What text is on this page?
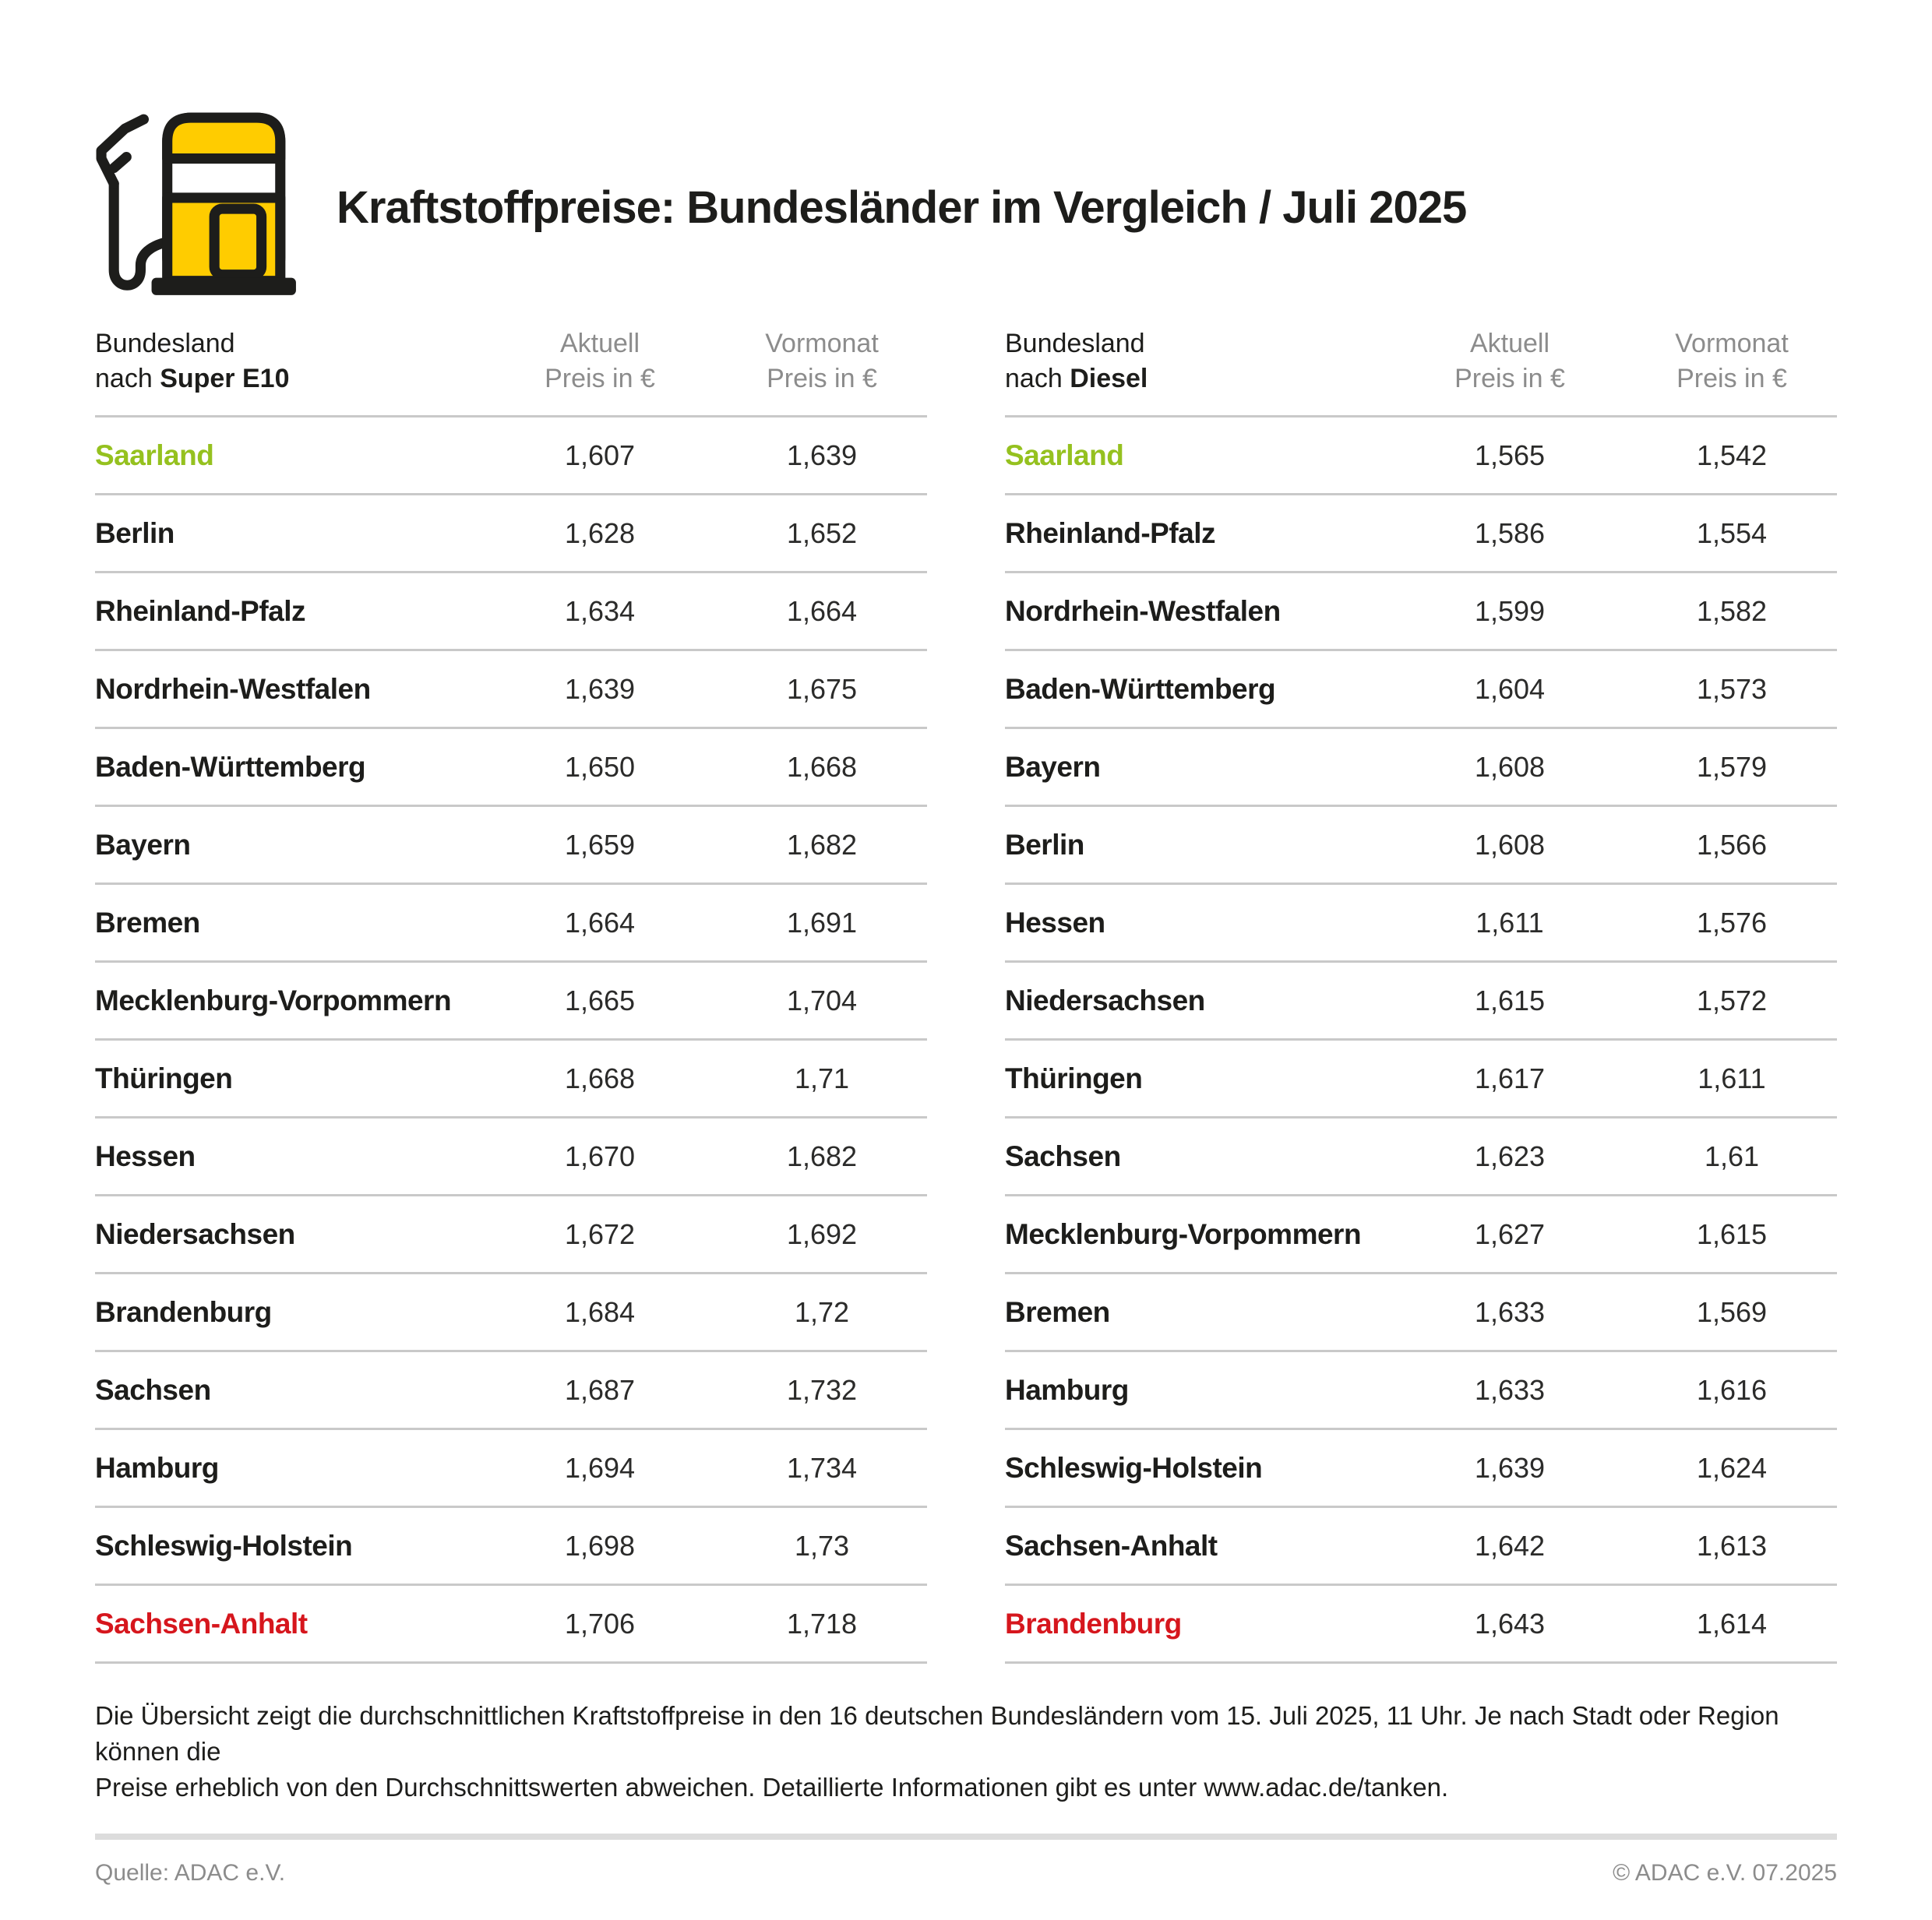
Kraftstoffpreise: Bundesländer im Vergleich / Juli 2025
Bundesland
nach Super E10
Aktuell
Preis in €
Vormonat
Preis in €
Saarland	1,607	1,639
Berlin	1,628	1,652
Rheinland-Pfalz	1,634	1,664
Nordrhein-Westfalen	1,639	1,675
Baden-Württemberg	1,650	1,668
Bayern	1,659	1,682
Bremen	1,664	1,691
Mecklenburg-Vorpommern	1,665	1,704
Thüringen	1,668	1,71
Hessen	1,670	1,682
Niedersachsen	1,672	1,692
Brandenburg	1,684	1,72
Sachsen	1,687	1,732
Hamburg	1,694	1,734
Schleswig-Holstein	1,698	1,73
Sachsen-Anhalt	1,706	1,718
Bundesland
nach Diesel
Aktuell
Preis in €
Vormonat
Preis in €
Saarland	1,565	1,542
Rheinland-Pfalz	1,586	1,554
Nordrhein-Westfalen	1,599	1,582
Baden-Württemberg	1,604	1,573
Bayern	1,608	1,579
Berlin	1,608	1,566
Hessen	1,611	1,576
Niedersachsen	1,615	1,572
Thüringen	1,617	1,611
Sachsen	1,623	1,61
Mecklenburg-Vorpommern	1,627	1,615
Bremen	1,633	1,569
Hamburg	1,633	1,616
Schleswig-Holstein	1,639	1,624
Sachsen-Anhalt	1,642	1,613
Brandenburg	1,643	1,614
Die Übersicht zeigt die durchschnittlichen Kraftstoffpreise in den 16 deutschen Bundesländern vom 15. Juli 2025, 11 Uhr. Je nach Stadt oder Region können die
Preise erheblich von den Durchschnittswerten abweichen. Detaillierte Informationen gibt es unter www.adac.de/tanken.
Quelle: ADAC e.V.	© ADAC e.V. 07.2025
